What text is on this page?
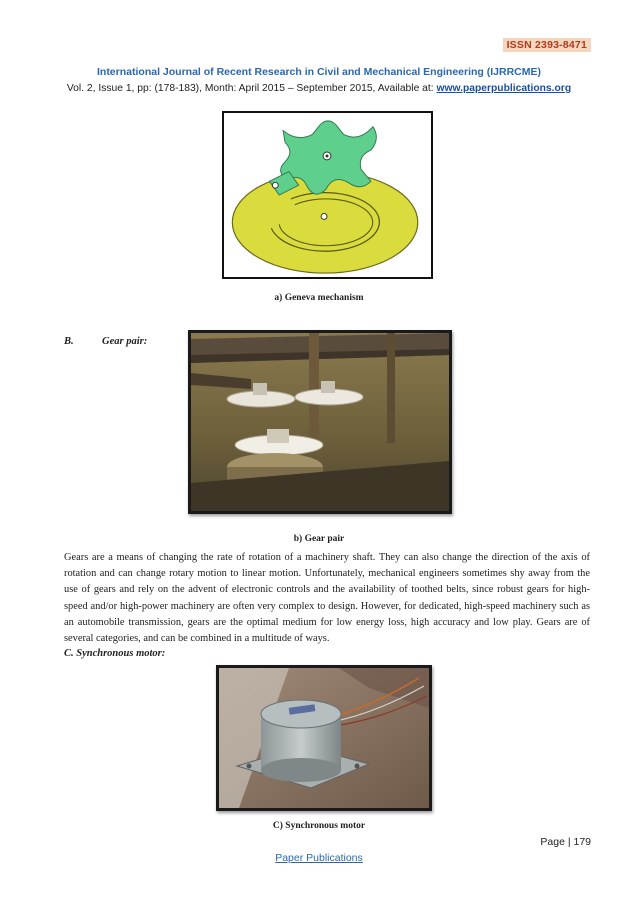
ISSN 2393-8471
International Journal of Recent Research in Civil and Mechanical Engineering (IJRRCME)
Vol. 2, Issue 1, pp: (178-183), Month: April 2015 – September 2015, Available at: www.paperpublications.org
a) Geneva mechanism
B.	Gear pair:
b) Gear pair

Gears are a means of changing the rate of rotation of a machinery shaft. They can also change the direction of the axis of rotation and can change rotary motion to linear motion. Unfortunately, mechanical engineers sometimes shy away from the use of gears and rely on the advent of electronic controls and the availability of toothed belts, since robust gears for high-speed and/or high-power machinery are often very complex to design. However, for dedicated, high-speed machinery such as an automobile transmission, gears are the optimal medium for low energy loss, high accuracy and low play. Gears are of several categories, and can be combined in a multitude of ways.

C. Synchronous motor:
C) Synchronous motor
Page | 179
Paper Publications
